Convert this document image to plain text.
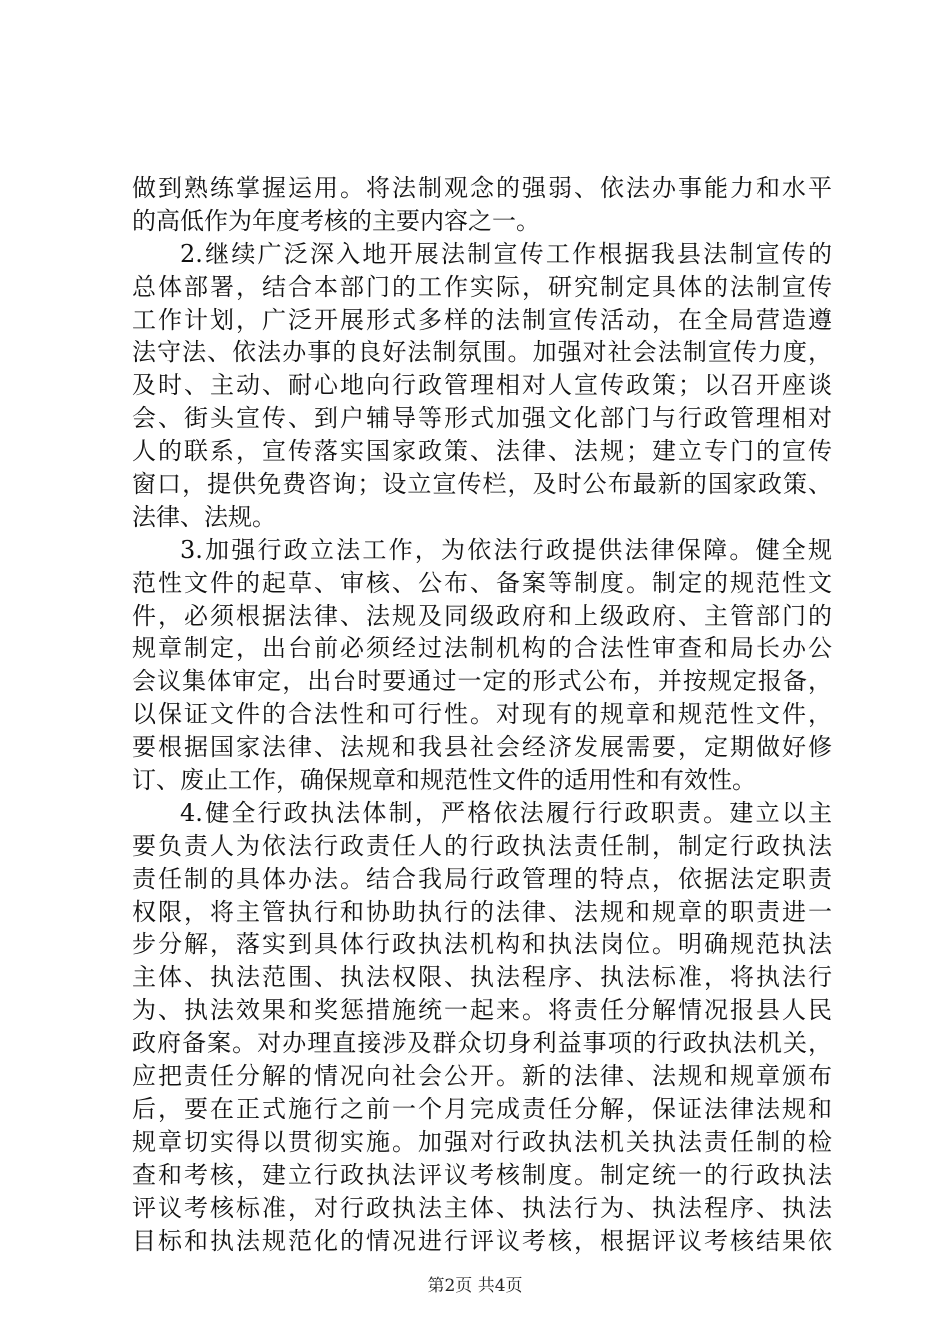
做到熟练掌握运用。将法制观念的强弱、依法办事能力和水平
的高低作为年度考核的主要内容之一。
2.继续广泛深入地开展法制宣传工作根据我县法制宣传的
总体部署，结合本部门的工作实际，研究制定具体的法制宣传
工作计划，广泛开展形式多样的法制宣传活动，在全局营造遵
法守法、依法办事的良好法制氛围。加强对社会法制宣传力度，
及时、主动、耐心地向行政管理相对人宣传政策；以召开座谈
会、街头宣传、到户辅导等形式加强文化部门与行政管理相对
人的联系，宣传落实国家政策、法律、法规；建立专门的宣传
窗口，提供免费咨询；设立宣传栏，及时公布最新的国家政策、
法律、法规。
3.加强行政立法工作，为依法行政提供法律保障。健全规
范性文件的起草、审核、公布、备案等制度。制定的规范性文
件，必须根据法律、法规及同级政府和上级政府、主管部门的
规章制定，出台前必须经过法制机构的合法性审查和局长办公
会议集体审定，出台时要通过一定的形式公布，并按规定报备，
以保证文件的合法性和可行性。对现有的规章和规范性文件，
要根据国家法律、法规和我县社会经济发展需要，定期做好修
订、废止工作，确保规章和规范性文件的适用性和有效性。
4.健全行政执法体制，严格依法履行行政职责。建立以主
要负责人为依法行政责任人的行政执法责任制，制定行政执法
责任制的具体办法。结合我局行政管理的特点，依据法定职责
权限，将主管执行和协助执行的法律、法规和规章的职责进一
步分解，落实到具体行政执法机构和执法岗位。明确规范执法
主体、执法范围、执法权限、执法程序、执法标准，将执法行
为、执法效果和奖惩措施统一起来。将责任分解情况报县人民
政府备案。对办理直接涉及群众切身利益事项的行政执法机关，
应把责任分解的情况向社会公开。新的法律、法规和规章颁布
后，要在正式施行之前一个月完成责任分解，保证法律法规和
规章切实得以贯彻实施。加强对行政执法机关执法责任制的检
查和考核，建立行政执法评议考核制度。制定统一的行政执法
评议考核标准，对行政执法主体、执法行为、执法程序、执法
目标和执法规范化的情况进行评议考核，根据评议考核结果依
第2页 共4页
